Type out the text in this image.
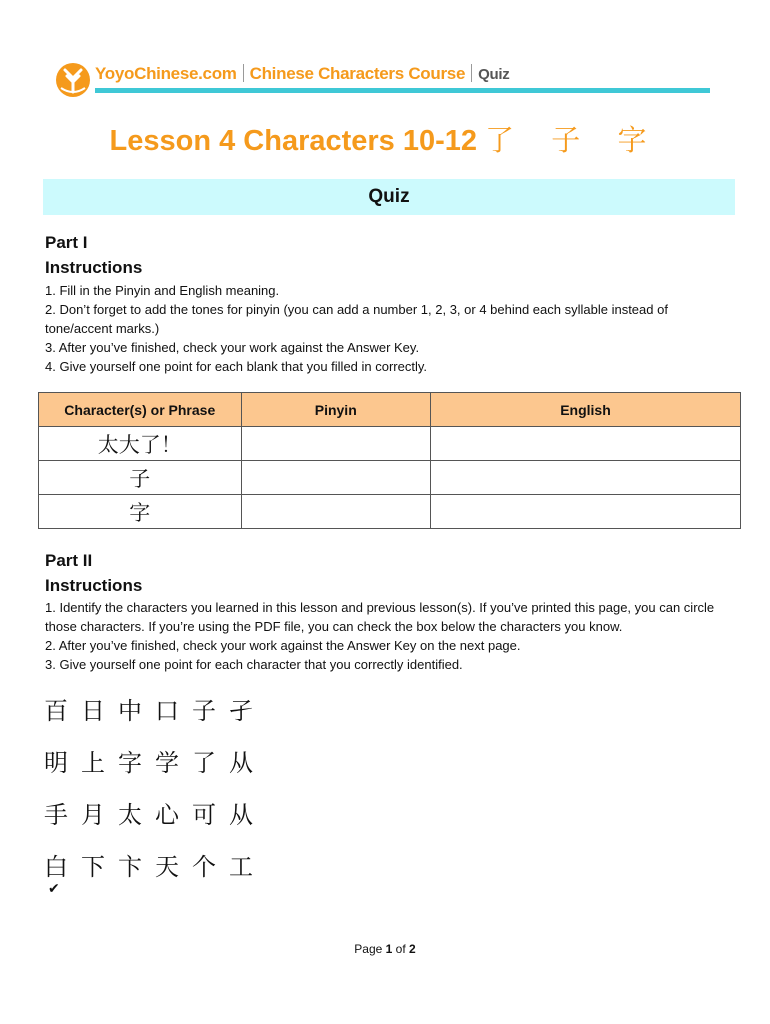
YoyoChinese.com Chinese Characters Course Quiz
Lesson 4 Characters 10-12 了 子 字
Quiz
Part I
Instructions

1. Fill in the Pinyin and English meaning.

2. Don’t forget to add the tones for pinyin (you can add a number 1, 2, 3, or 4 behind each syllable instead of tone/accent marks.)

3. After you’ve finished, check your work against the Answer Key.

4. Give yourself one point for each blank that you filled in correctly.

Character(s) or Phrase	Pinyin	English
太大了！		
子		
字		
Part II
Instructions

1. Identify the characters you learned in this lesson and previous lesson(s). If you’ve printed this page, you can circle those characters. If you’re using the PDF file, you can check the box below the characters you know.

2. After you’ve finished, check your work against the Answer Key on the next page.

3. Give yourself one point for each character that you correctly identified.

百 日 中 口 子 孑
明 上 字 学 了 从
手 月 太 心 可 从
白 下 卞 天 个 工
✔
Page 1 of 2
